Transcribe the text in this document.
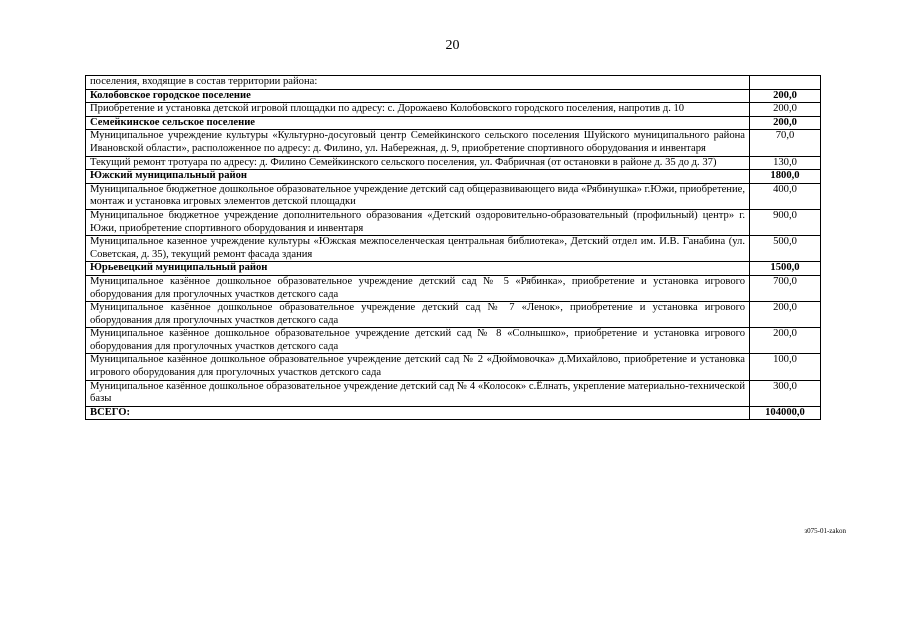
20
поселения, входящие в состав территории района:	
Колобовское городское поселение	200,0
Приобретение и установка детской игровой площадки по адресу: с. Дорожаево Колобовского городского поселения, напротив д. 10	200,0
Семейкинское сельское поселение	200,0
Муниципальное учреждение культуры «Культурно-досуговый центр Семейкинского сельского поселения Шуйского муниципального района Ивановской области», расположенное по адресу: д. Филино, ул. Набережная, д. 9, приобретение спортивного оборудования и инвентаря	70,0
Текущий ремонт тротуара по адресу: д. Филино Семейкинского сельского поселения, ул. Фабричная (от остановки в районе д. 35 до д. 37)	130,0
Южский муниципальный район	1800,0
Муниципальное бюджетное дошкольное образовательное учреждение детский сад общеразвивающего вида «Рябинушка» г.Южи, приобретение, монтаж и установка игровых элементов детской площадки	400,0
Муниципальное бюджетное учреждение дополнительного образования «Детский оздоровительно-образовательный (профильный) центр» г. Южи, приобретение спортивного оборудования и инвентаря	900,0
Муниципальное казенное учреждение культуры «Южская межпоселенческая центральная библиотека», Детский отдел им. И.В. Ганабина (ул. Советская, д. 35), текущий ремонт фасада здания	500,0
Юрьевецкий муниципальный район	1500,0
Муниципальное казённое дошкольное образовательное учреждение детский сад № 5 «Рябинка», приобретение и установка игрового оборудования для прогулочных участков детского сада	700,0
Муниципальное казённое дошкольное образовательное учреждение детский сад № 7 «Ленок», приобретение и установка игрового оборудования для прогулочных участков детского сада	200,0
Муниципальное казённое дошкольное образовательное учреждение детский сад № 8 «Солнышко», приобретение и установка игрового оборудования для прогулочных участков детского сада	200,0
Муниципальное казённое дошкольное образовательное учреждение детский сад № 2 «Дюймовочка» д.Михайлово, приобретение и установка игрового оборудования для прогулочных участков детского сада	100,0
Муниципальное казённое дошкольное образовательное учреждение детский сад № 4 «Колосок» с.Ёлнать, укрепление материально-технической базы	300,0
ВСЕГО:	104000,0
з075-01-zakon
